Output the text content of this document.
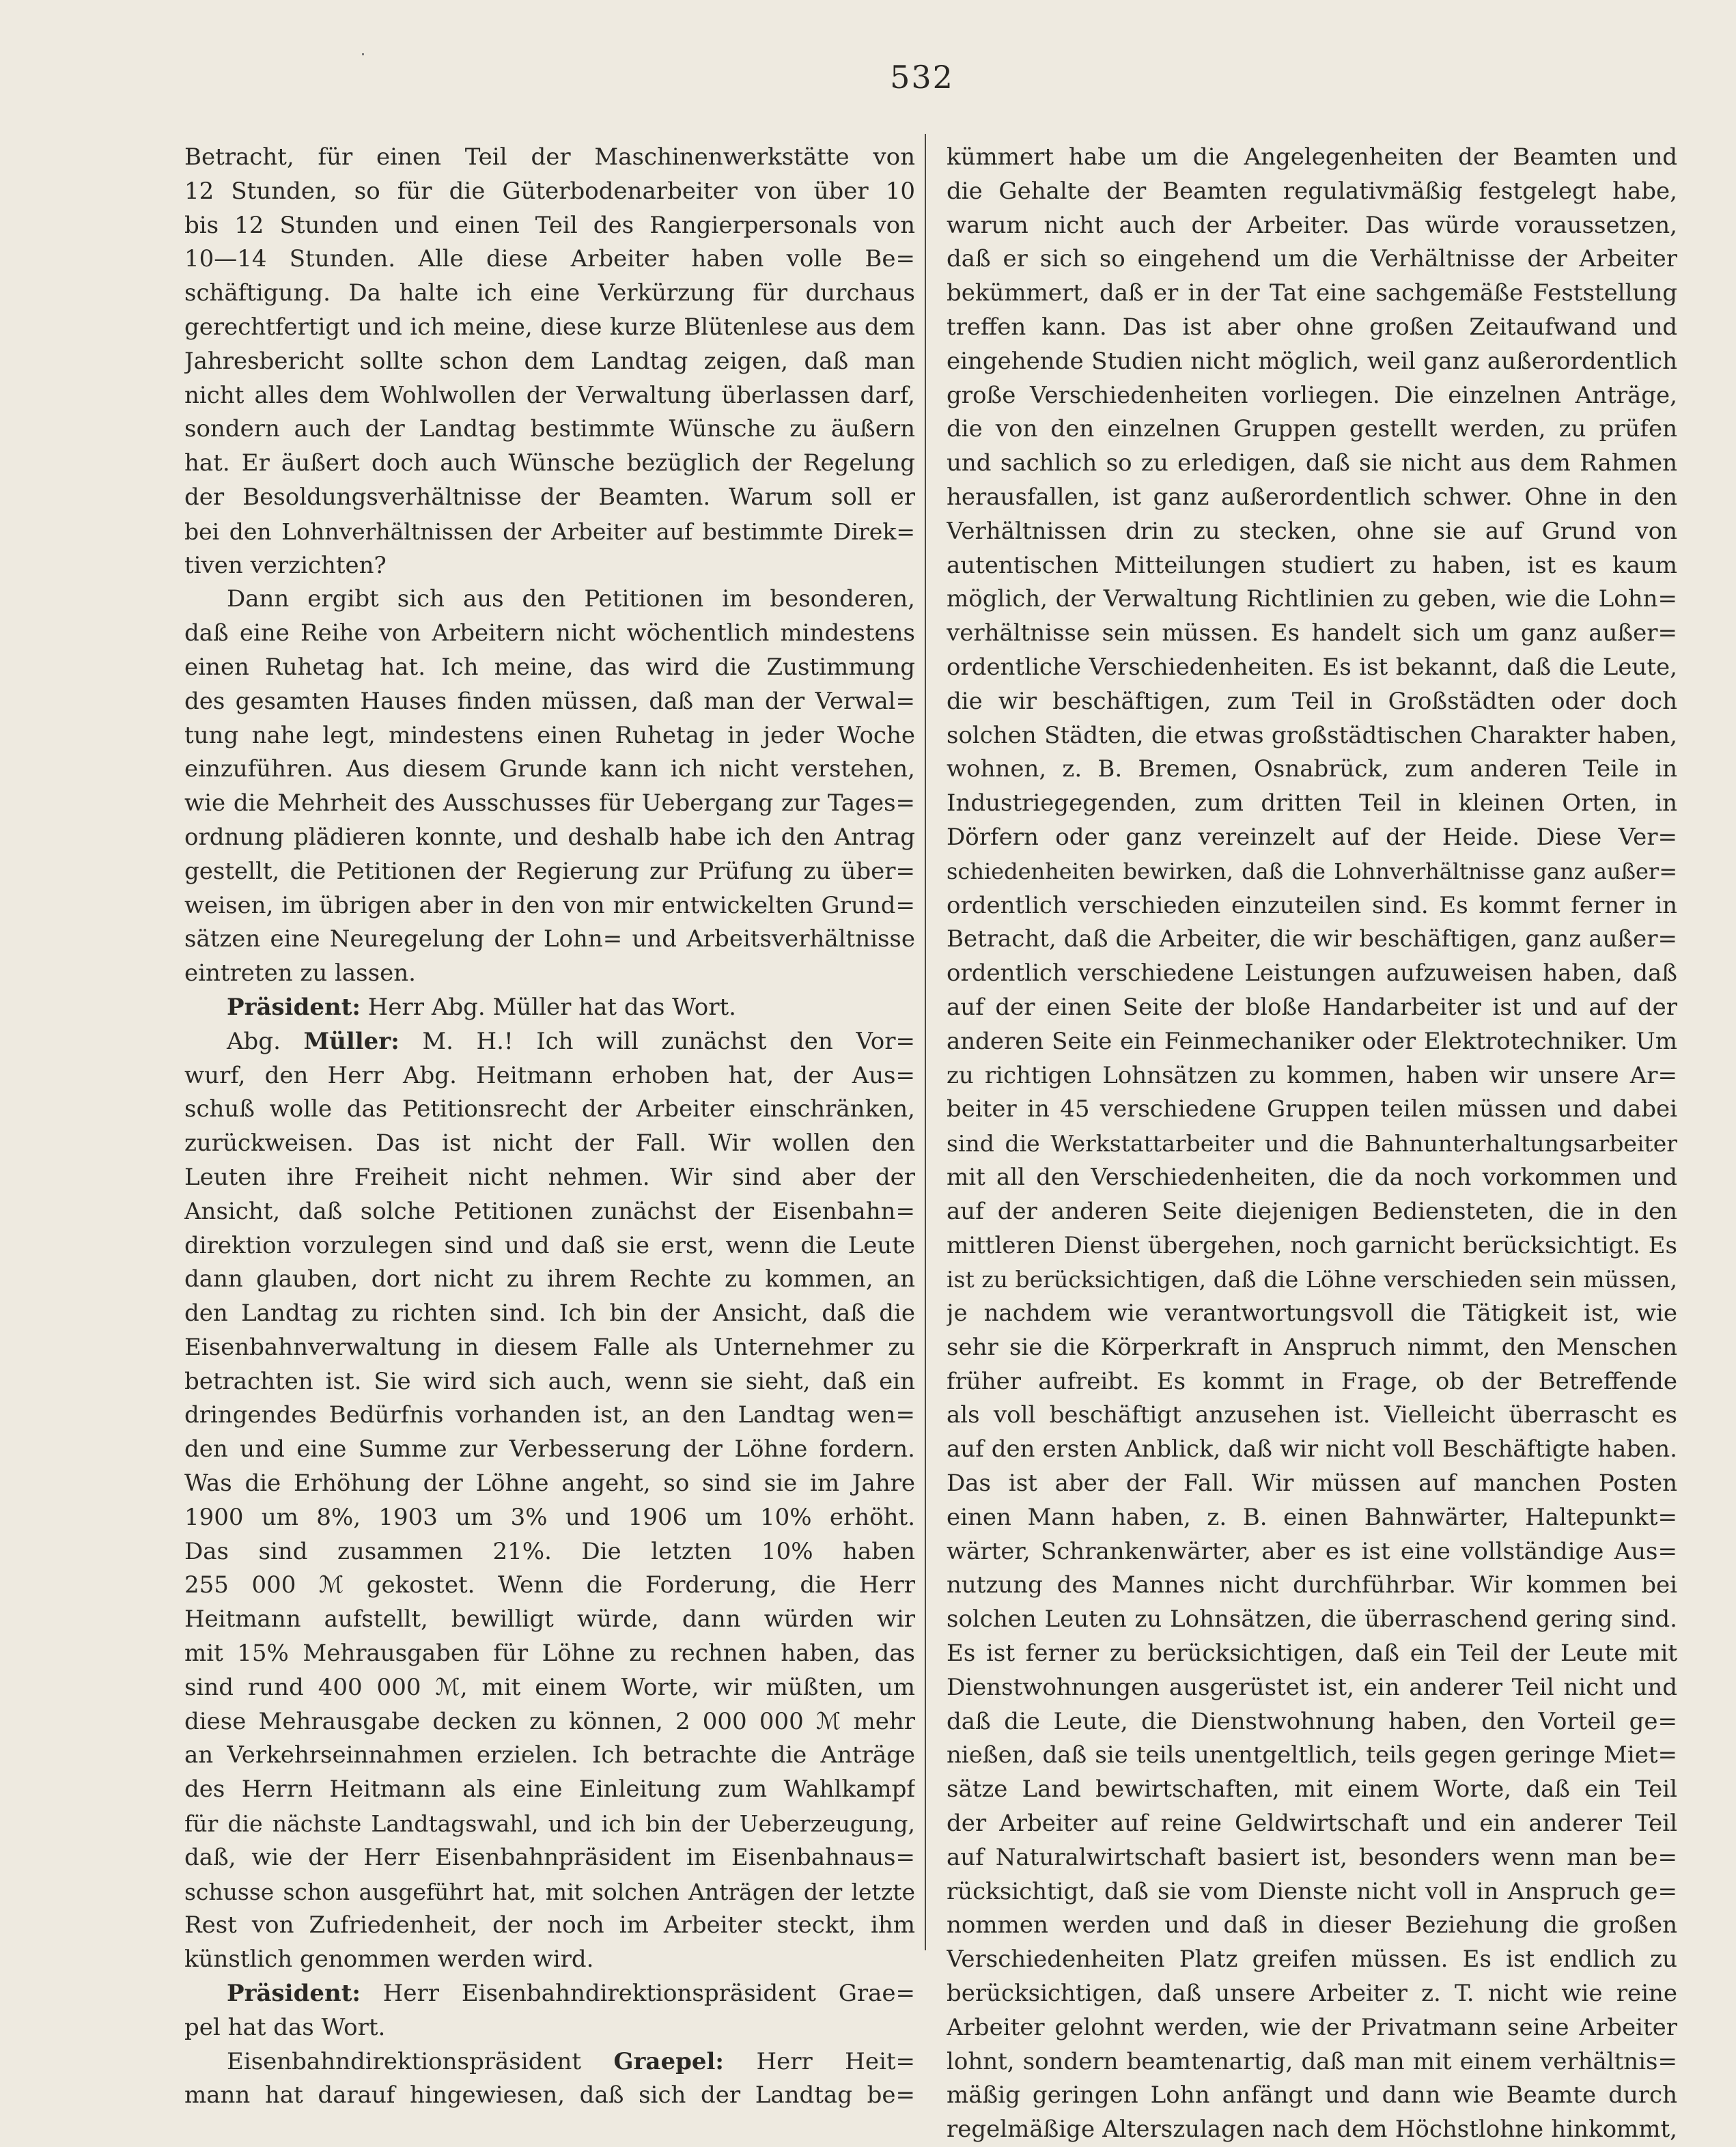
532
Betracht, für einen Teil der Maschinenwerkstätte von
12 Stunden, so für die Güterbodenarbeiter von über 10
bis 12 Stunden und einen Teil des Rangierpersonals von
10—14 Stunden. Alle diese Arbeiter haben volle Be=
schäftigung. Da halte ich eine Verkürzung für durchaus
gerechtfertigt und ich meine, diese kurze Blütenlese aus dem
Jahresbericht sollte schon dem Landtag zeigen, daß man
nicht alles dem Wohlwollen der Verwaltung überlassen darf,
sondern auch der Landtag bestimmte Wünsche zu äußern
hat. Er äußert doch auch Wünsche bezüglich der Regelung
der Besoldungsverhältnisse der Beamten. Warum soll er
bei den Lohnverhältnissen der Arbeiter auf bestimmte Direk=
tiven verzichten?
Dann ergibt sich aus den Petitionen im besonderen,
daß eine Reihe von Arbeitern nicht wöchentlich mindestens
einen Ruhetag hat. Ich meine, das wird die Zustimmung
des gesamten Hauses finden müssen, daß man der Verwal=
tung nahe legt, mindestens einen Ruhetag in jeder Woche
einzuführen. Aus diesem Grunde kann ich nicht verstehen,
wie die Mehrheit des Ausschusses für Uebergang zur Tages=
ordnung plädieren konnte, und deshalb habe ich den Antrag
gestellt, die Petitionen der Regierung zur Prüfung zu über=
weisen, im übrigen aber in den von mir entwickelten Grund=
sätzen eine Neuregelung der Lohn= und Arbeitsverhältnisse
eintreten zu lassen.
Präsident: Herr Abg. Müller hat das Wort.
Abg. Müller: M. H.! Ich will zunächst den Vor=
wurf, den Herr Abg. Heitmann erhoben hat, der Aus=
schuß wolle das Petitionsrecht der Arbeiter einschränken,
zurückweisen. Das ist nicht der Fall. Wir wollen den
Leuten ihre Freiheit nicht nehmen. Wir sind aber der
Ansicht, daß solche Petitionen zunächst der Eisenbahn=
direktion vorzulegen sind und daß sie erst, wenn die Leute
dann glauben, dort nicht zu ihrem Rechte zu kommen, an
den Landtag zu richten sind. Ich bin der Ansicht, daß die
Eisenbahnverwaltung in diesem Falle als Unternehmer zu
betrachten ist. Sie wird sich auch, wenn sie sieht, daß ein
dringendes Bedürfnis vorhanden ist, an den Landtag wen=
den und eine Summe zur Verbesserung der Löhne fordern.
Was die Erhöhung der Löhne angeht, so sind sie im Jahre
1900 um 8%, 1903 um 3% und 1906 um 10% erhöht.
Das sind zusammen 21%. Die letzten 10% haben
255 000 ℳ gekostet. Wenn die Forderung, die Herr
Heitmann aufstellt, bewilligt würde, dann würden wir
mit 15% Mehrausgaben für Löhne zu rechnen haben, das
sind rund 400 000 ℳ, mit einem Worte, wir müßten, um
diese Mehrausgabe decken zu können, 2 000 000 ℳ mehr
an Verkehrseinnahmen erzielen. Ich betrachte die Anträge
des Herrn Heitmann als eine Einleitung zum Wahlkampf
für die nächste Landtagswahl, und ich bin der Ueberzeugung,
daß, wie der Herr Eisenbahnpräsident im Eisenbahnaus=
schusse schon ausgeführt hat, mit solchen Anträgen der letzte
Rest von Zufriedenheit, der noch im Arbeiter steckt, ihm
künstlich genommen werden wird.
Präsident: Herr Eisenbahndirektionspräsident Grae=
pel hat das Wort.
Eisenbahndirektionspräsident Graepel: Herr Heit=
mann hat darauf hingewiesen, daß sich der Landtag be=
kümmert habe um die Angelegenheiten der Beamten und
die Gehalte der Beamten regulativmäßig festgelegt habe,
warum nicht auch der Arbeiter. Das würde voraussetzen,
daß er sich so eingehend um die Verhältnisse der Arbeiter
bekümmert, daß er in der Tat eine sachgemäße Feststellung
treffen kann. Das ist aber ohne großen Zeitaufwand und
eingehende Studien nicht möglich, weil ganz außerordentlich
große Verschiedenheiten vorliegen. Die einzelnen Anträge,
die von den einzelnen Gruppen gestellt werden, zu prüfen
und sachlich so zu erledigen, daß sie nicht aus dem Rahmen
herausfallen, ist ganz außerordentlich schwer. Ohne in den
Verhältnissen drin zu stecken, ohne sie auf Grund von
autentischen Mitteilungen studiert zu haben, ist es kaum
möglich, der Verwaltung Richtlinien zu geben, wie die Lohn=
verhältnisse sein müssen. Es handelt sich um ganz außer=
ordentliche Verschiedenheiten. Es ist bekannt, daß die Leute,
die wir beschäftigen, zum Teil in Großstädten oder doch
solchen Städten, die etwas großstädtischen Charakter haben,
wohnen, z. B. Bremen, Osnabrück, zum anderen Teile in
Industriegegenden, zum dritten Teil in kleinen Orten, in
Dörfern oder ganz vereinzelt auf der Heide. Diese Ver=
schiedenheiten bewirken, daß die Lohnverhältnisse ganz außer=
ordentlich verschieden einzuteilen sind. Es kommt ferner in
Betracht, daß die Arbeiter, die wir beschäftigen, ganz außer=
ordentlich verschiedene Leistungen aufzuweisen haben, daß
auf der einen Seite der bloße Handarbeiter ist und auf der
anderen Seite ein Feinmechaniker oder Elektrotechniker. Um
zu richtigen Lohnsätzen zu kommen, haben wir unsere Ar=
beiter in 45 verschiedene Gruppen teilen müssen und dabei
sind die Werkstattarbeiter und die Bahnunterhaltungsarbeiter
mit all den Verschiedenheiten, die da noch vorkommen und
auf der anderen Seite diejenigen Bediensteten, die in den
mittleren Dienst übergehen, noch garnicht berücksichtigt. Es
ist zu berücksichtigen, daß die Löhne verschieden sein müssen,
je nachdem wie verantwortungsvoll die Tätigkeit ist, wie
sehr sie die Körperkraft in Anspruch nimmt, den Menschen
früher aufreibt. Es kommt in Frage, ob der Betreffende
als voll beschäftigt anzusehen ist. Vielleicht überrascht es
auf den ersten Anblick, daß wir nicht voll Beschäftigte haben.
Das ist aber der Fall. Wir müssen auf manchen Posten
einen Mann haben, z. B. einen Bahnwärter, Haltepunkt=
wärter, Schrankenwärter, aber es ist eine vollständige Aus=
nutzung des Mannes nicht durchführbar. Wir kommen bei
solchen Leuten zu Lohnsätzen, die überraschend gering sind.
Es ist ferner zu berücksichtigen, daß ein Teil der Leute mit
Dienstwohnungen ausgerüstet ist, ein anderer Teil nicht und
daß die Leute, die Dienstwohnung haben, den Vorteil ge=
nießen, daß sie teils unentgeltlich, teils gegen geringe Miet=
sätze Land bewirtschaften, mit einem Worte, daß ein Teil
der Arbeiter auf reine Geldwirtschaft und ein anderer Teil
auf Naturalwirtschaft basiert ist, besonders wenn man be=
rücksichtigt, daß sie vom Dienste nicht voll in Anspruch ge=
nommen werden und daß in dieser Beziehung die großen
Verschiedenheiten Platz greifen müssen. Es ist endlich zu
berücksichtigen, daß unsere Arbeiter z. T. nicht wie reine
Arbeiter gelohnt werden, wie der Privatmann seine Arbeiter
lohnt, sondern beamtenartig, daß man mit einem verhältnis=
mäßig geringen Lohn anfängt und dann wie Beamte durch
regelmäßige Alterszulagen nach dem Höchstlohne hinkommt,
